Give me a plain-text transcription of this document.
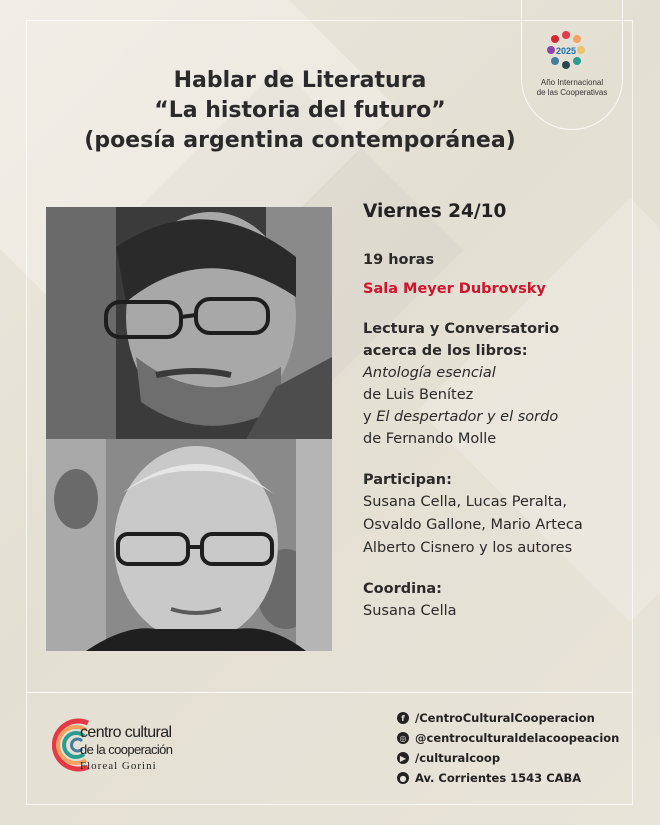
Hablar de Literatura
“La historia del futuro”
(poesía argentina contemporánea)
2025
Año Internacional
de las Cooperativas
Viernes 24/10
19 horas
Sala Meyer Dubrovsky
Lectura y Conversatorio
acerca de los libros:
Antología esencial
de Luis Benítez
y El despertador y el sordo
de Fernando Molle
Participan:
Susana Cella, Lucas Peralta,
Osvaldo Gallone, Mario Arteca
Alberto Cisnero y los autores
Coordina:
Susana Cella
centro cultural
de la cooperación
Floreal Gorini
f /CentroCulturalCooperacion
◎ @centroculturaldelacoopeacion
▶ /culturalcoop
● Av. Corrientes 1543 CABA
